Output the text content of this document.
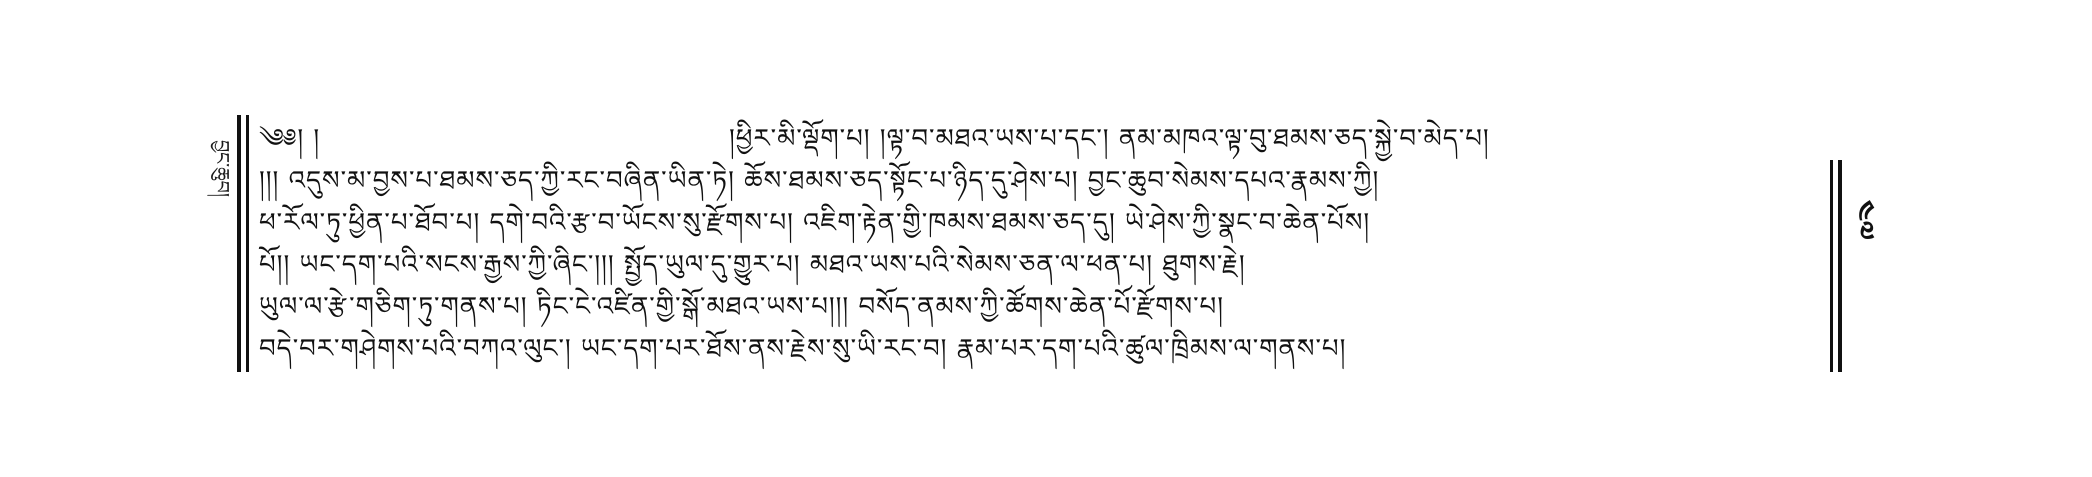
༄༅། །	།ཕྱིར་མི་ལྡོག་པ། །ལྟ་བ་མཐའ་ཡས་པ་དང་། ནམ་མཁའ་ལྟ་བུ་ཐམས་ཅད་སྐྱེ་བ་མེད་པ།
།།། འདུས་མ་བྱས་པ་ཐམས་ཅད་ཀྱི་རང་བཞིན་ཡིན་ཏེ། ཆོས་ཐམས་ཅད་སྟོང་པ་ཉིད་དུ་ཤེས་པ། བྱང་ཆུབ་སེམས་དཔའ་རྣམས་ཀྱི།
ཕ་རོལ་ཏུ་ཕྱིན་པ་ཐོབ་པ། དགེ་བའི་རྩ་བ་ཡོངས་སུ་རྫོགས་པ། འཇིག་རྟེན་གྱི་ཁམས་ཐམས་ཅད་དུ། ཡེ་ཤེས་ཀྱི་སྣང་བ་ཆེན་པོས།
པོ།། ཡང་དག་པའི་སངས་རྒྱས་ཀྱི་ཞིང་།།། སྤྱོད་ཡུལ་དུ་གྱུར་པ། མཐའ་ཡས་པའི་སེམས་ཅན་ལ་ཕན་པ། ཐུགས་རྗེ།
ཡུལ་ལ་རྩེ་གཅིག་ཏུ་གནས་པ། ཏིང་ངེ་འཛིན་གྱི་སྒོ་མཐའ་ཡས་པ།།། བསོད་ནམས་ཀྱི་ཚོགས་ཆེན་པོ་རྫོགས་པ།
བདེ་བར་གཤེགས་པའི་བཀའ་ལུང་། ཡང་དག་པར་ཐོས་ནས་རྗེས་སུ་ཡི་རང་བ། རྣམ་པར་དག་པའི་ཚུལ་ཁྲིམས་ལ་གནས་པ།
བྱང་ཆུབ།
༤༧
